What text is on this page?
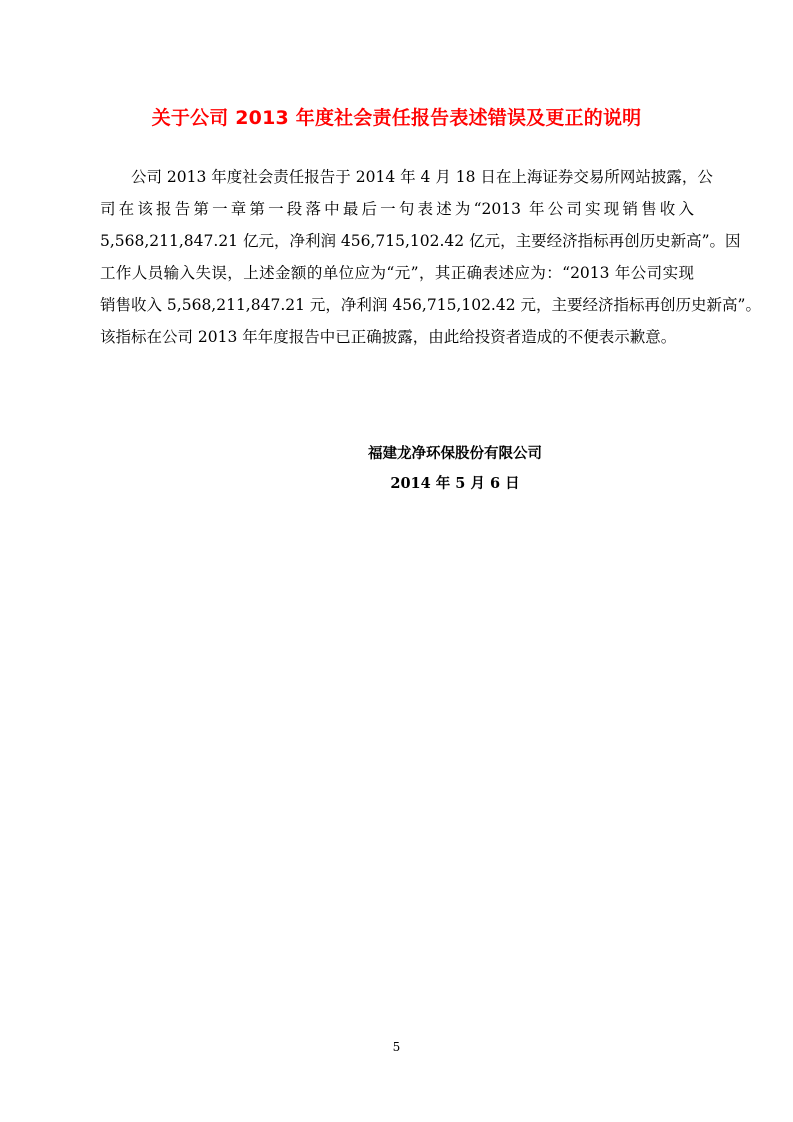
关于公司 2013 年度社会责任报告表述错误及更正的说明
公司 2013 年度社会责任报告于 2014 年 4 月 18 日在上海证券交易所网站披露，公
司在该报告第一章第一段落中最后一句表述为“2013 年公司实现销售收入
5,568,211,847.21 亿元，净利润 456,715,102.42 亿元，主要经济指标再创历史新高”。因
工作人员输入失误，上述金额的单位应为“元”，其正确表述应为：“2013 年公司实现
销售收入 5,568,211,847.21 元，净利润 456,715,102.42 元，主要经济指标再创历史新高”。
该指标在公司 2013 年年度报告中已正确披露，由此给投资者造成的不便表示歉意。
福建龙净环保股份有限公司
2014 年 5 月 6 日
5
